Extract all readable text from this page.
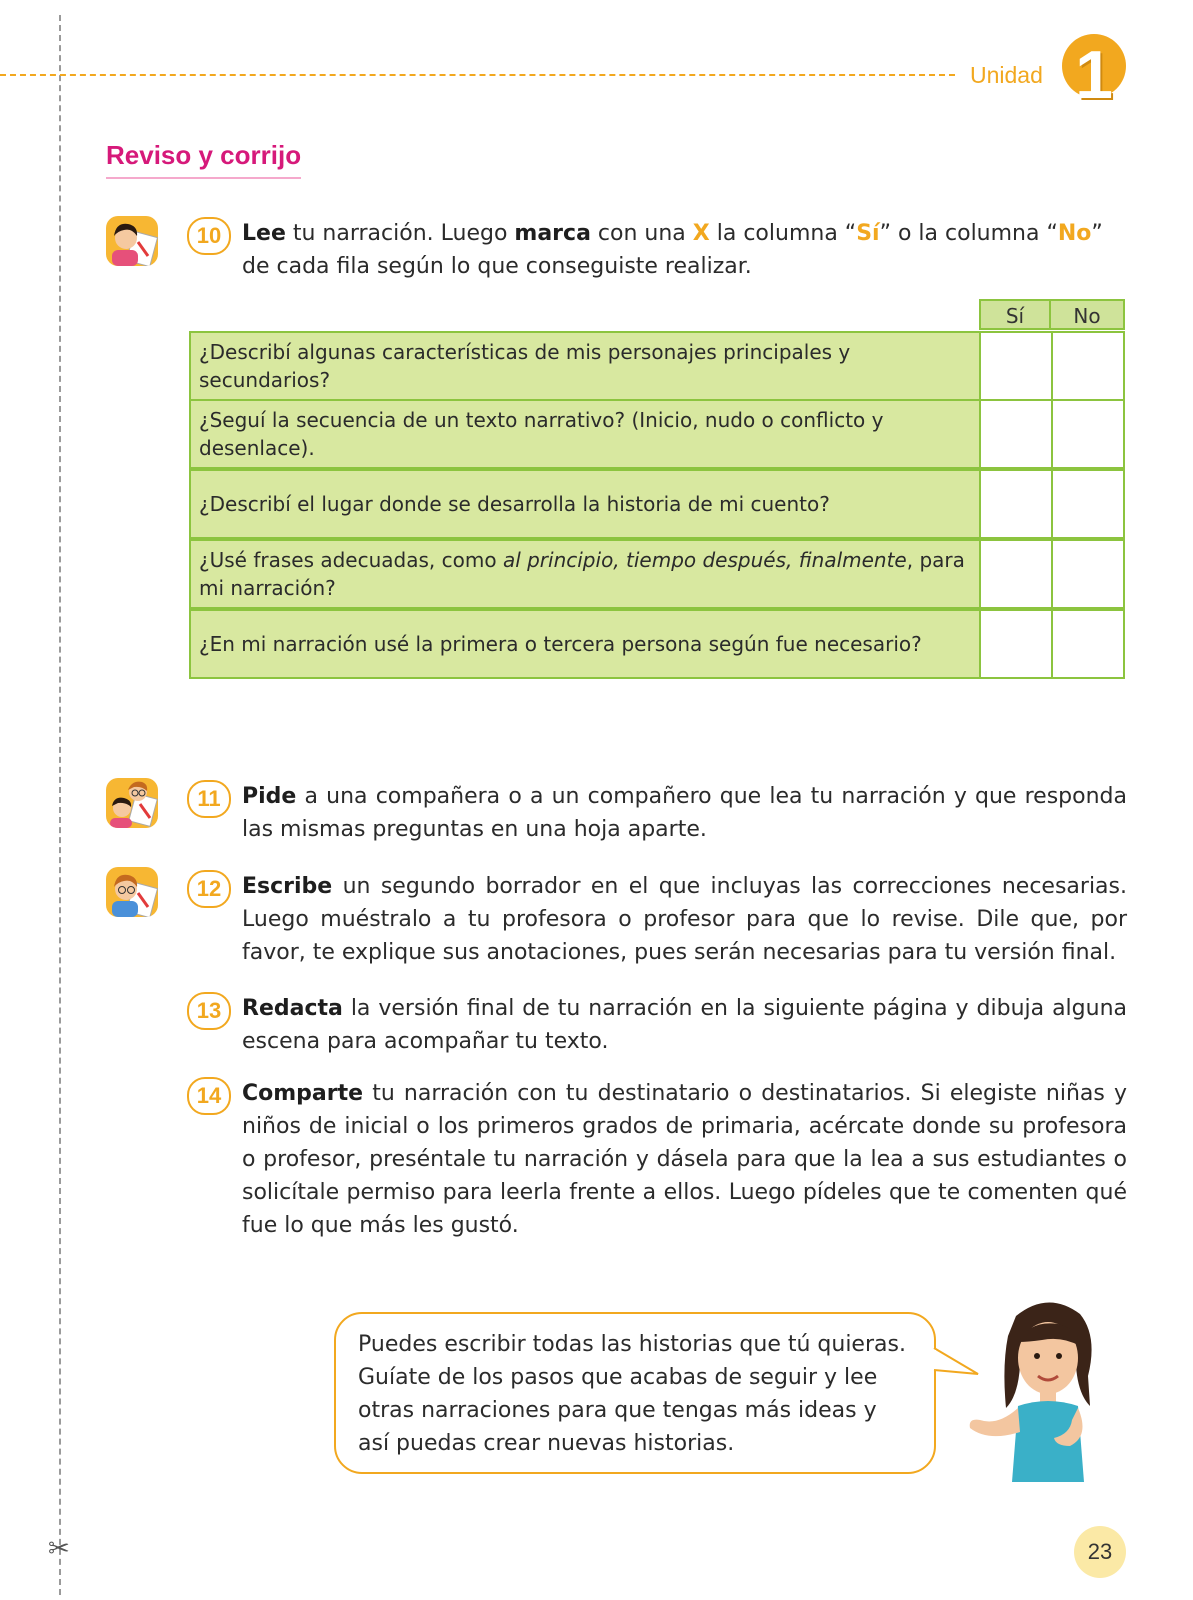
✂
Unidad 1
Reviso y corrijo
10 Lee tu narración. Luego marca con una X la columna “Sí” o la columna “No” de cada fila según lo que conseguiste realizar.
Sí	No
¿Describí algunas características de mis personajes principales y secundarios?
¿Seguí la secuencia de un texto narrativo? (Inicio, nudo o conflicto y desenlace).
¿Describí el lugar donde se desarrolla la historia de mi cuento?
¿Usé frases adecuadas, como al principio, tiempo después, finalmente, para mi narración?
¿En mi narración usé la primera o tercera persona según fue necesario?
11 Pide a una compañera o a un compañero que lea tu narración y que responda las mismas preguntas en una hoja aparte.
12 Escribe un segundo borrador en el que incluyas las correcciones necesarias. Luego muéstralo a tu profesora o profesor para que lo revise. Dile que, por favor, te explique sus anotaciones, pues serán necesarias para tu versión final.
13 Redacta la versión final de tu narración en la siguiente página y dibuja alguna escena para acompañar tu texto.
14 Comparte tu narración con tu destinatario o destinatarios. Si elegiste niñas y niños de inicial o los primeros grados de primaria, acércate donde su profesora o profesor, preséntale tu narración y dásela para que la lea a sus estudiantes o solicítale permiso para leerla frente a ellos. Luego pídeles que te comenten qué fue lo que más les gustó.
Puedes escribir todas las historias que tú quieras. Guíate de los pasos que acabas de seguir y lee otras narraciones para que tengas más ideas y así puedas crear nuevas historias.
23
